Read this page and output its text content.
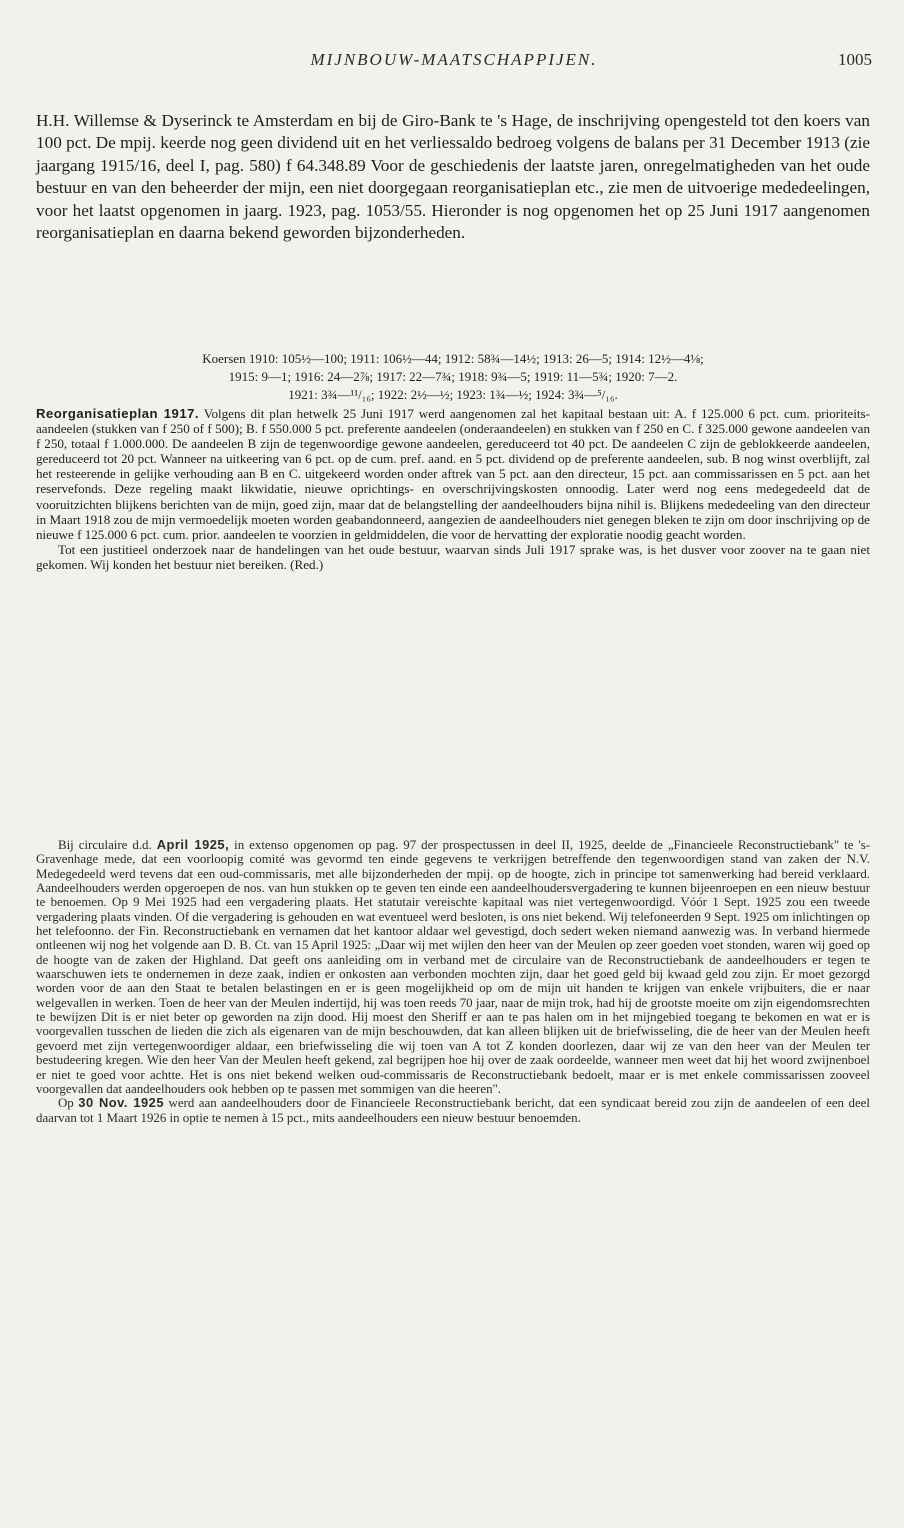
MIJNBOUW-MAATSCHAPPIJEN.	1005

H.H. Willemse & Dyserinck te Amsterdam en bij de Giro-Bank te 's Hage, de inschrijving opengesteld tot den koers van 100 pct. De mpij. keerde nog geen dividend uit en het verliessaldo bedroeg volgens de balans per 31 December 1913 (zie jaargang 1915/16, deel I, pag. 580) f 64.348.89 Voor de geschiedenis der laatste jaren, onregelmatigheden van het oude bestuur en van den beheerder der mijn, een niet doorgegaan reorganisatieplan etc., zie men de uitvoerige mededeelingen, voor het laatst opgenomen in jaarg. 1923, pag. 1053/55. Hieronder is nog opgenomen het op 25 Juni 1917 aangenomen reorganisatieplan en daarna bekend geworden bijzonderheden.

Koersen 1910: 105½—100; 1911: 106½—44; 1912: 58¾—14½; 1913: 26—5; 1914: 12½—4⅛;
1915: 9—1; 1916: 24—2⅞; 1917: 22—7¾; 1918: 9¾—5; 1919: 11—5¾; 1920: 7—2.
1921: 3¾—¹¹/₁₆; 1922: 2½—½; 1923: 1¾—½; 1924: 3¾—⁵/₁₆.

Reorganisatieplan 1917. Volgens dit plan hetwelk 25 Juni 1917 werd aangenomen zal het kapitaal bestaan uit: A. f 125.000 6 pct. cum. prioriteits-aandeelen (stukken van f 250 of f 500); B. f 550.000 5 pct. preferente aandeelen (onderaandeelen) en stukken van f 250 en C. f 325.000 gewone aandeelen van f 250, totaal f 1.000.000. De aandeelen B zijn de tegenwoordige gewone aandeelen, gereduceerd tot 40 pct. De aandeelen C zijn de geblokkeerde aandeelen, gereduceerd tot 20 pct. Wanneer na uitkeering van 6 pct. op de cum. pref. aand. en 5 pct. dividend op de preferente aandeelen, sub. B nog winst overblijft, zal het resteerende in gelijke verhouding aan B en C. uitgekeerd worden onder aftrek van 5 pct. aan den directeur, 15 pct. aan commissarissen en 5 pct. aan het reservefonds. Deze regeling maakt likwidatie, nieuwe oprichtings- en overschrijvingskosten onnoodig. Later werd nog eens medegedeeld dat de vooruitzichten blijkens berichten van de mijn, goed zijn, maar dat de belangstelling der aandeelhouders bijna nihil is. Blijkens mededeeling van den directeur in Maart 1918 zou de mijn vermoedelijk moeten worden geabandonneerd, aangezien de aandeelhouders niet genegen bleken te zijn om door inschrijving op de nieuwe f 125.000 6 pct. cum. prior. aandeelen te voorzien in geldmiddelen, die voor de hervatting der exploratie noodig geacht worden.

Tot een justitieel onderzoek naar de handelingen van het oude bestuur, waarvan sinds Juli 1917 sprake was, is het dusver voor zoover na te gaan niet gekomen. Wij konden het bestuur niet bereiken. (Red.)

Bij circulaire d.d. April 1925, in extenso opgenomen op pag. 97 der prospectussen in deel II, 1925, deelde de „Financieele Reconstructiebank" te 's-Gravenhage mede, dat een voorloopig comité was gevormd ten einde gegevens te verkrijgen betreffende den tegenwoordigen stand van zaken der N.V. Medegedeeld werd tevens dat een oud-commissaris, met alle bijzonderheden der mpij. op de hoogte, zich in principe tot samenwerking had bereid verklaard. Aandeelhouders werden opgeroepen de nos. van hun stukken op te geven ten einde een aandeelhoudersvergadering te kunnen bijeenroepen en een nieuw bestuur te benoemen. Op 9 Mei 1925 had een vergadering plaats. Het statutair vereischte kapitaal was niet vertegenwoordigd. Vóór 1 Sept. 1925 zou een tweede vergadering plaats vinden. Of die vergadering is gehouden en wat eventueel werd besloten, is ons niet bekend. Wij telefoneerden 9 Sept. 1925 om inlichtingen op het telefoonno. der Fin. Reconstructiebank en vernamen dat het kantoor aldaar wel gevestigd, doch sedert weken niemand aanwezig was. In verband hiermede ontleenen wij nog het volgende aan D. B. Ct. van 15 April 1925: „Daar wij met wijlen den heer van der Meulen op zeer goeden voet stonden, waren wij goed op de hoogte van de zaken der Highland. Dat geeft ons aanleiding om in verband met de circulaire van de Reconstructiebank de aandeelhouders er tegen te waarschuwen iets te ondernemen in deze zaak, indien er onkosten aan verbonden mochten zijn, daar het goed geld bij kwaad geld zou zijn. Er moet gezorgd worden voor de aan den Staat te betalen belastingen en er is geen mogelijkheid op om de mijn uit handen te krijgen van enkele vrijbuiters, die er naar welgevallen in werken. Toen de heer van der Meulen indertijd, hij was toen reeds 70 jaar, naar de mijn trok, had hij de grootste moeite om zijn eigendomsrechten te bewijzen Dit is er niet beter op geworden na zijn dood. Hij moest den Sheriff er aan te pas halen om in het mijngebied toegang te bekomen en wat er is voorgevallen tusschen de lieden die zich als eigenaren van de mijn beschouwden, dat kan alleen blijken uit de briefwisseling, die de heer van der Meulen heeft gevoerd met zijn vertegenwoordiger aldaar, een briefwisseling die wij toen van A tot Z konden doorlezen, daar wij ze van den heer van der Meulen ter bestudeering kregen. Wie den heer Van der Meulen heeft gekend, zal begrijpen hoe hij over de zaak oordeelde, wanneer men weet dat hij het woord zwijnenboel er niet te goed voor achtte. Het is ons niet bekend welken oud-commissaris de Reconstructiebank bedoelt, maar er is met enkele commissarissen zooveel voorgevallen dat aandeelhouders ook hebben op te passen met sommigen van die heeren".

Op 30 Nov. 1925 werd aan aandeelhouders door de Financieele Reconstructiebank bericht, dat een syndicaat bereid zou zijn de aandeelen of een deel daarvan tot 1 Maart 1926 in optie te nemen à 15 pct., mits aandeelhouders een nieuw bestuur benoemden.
